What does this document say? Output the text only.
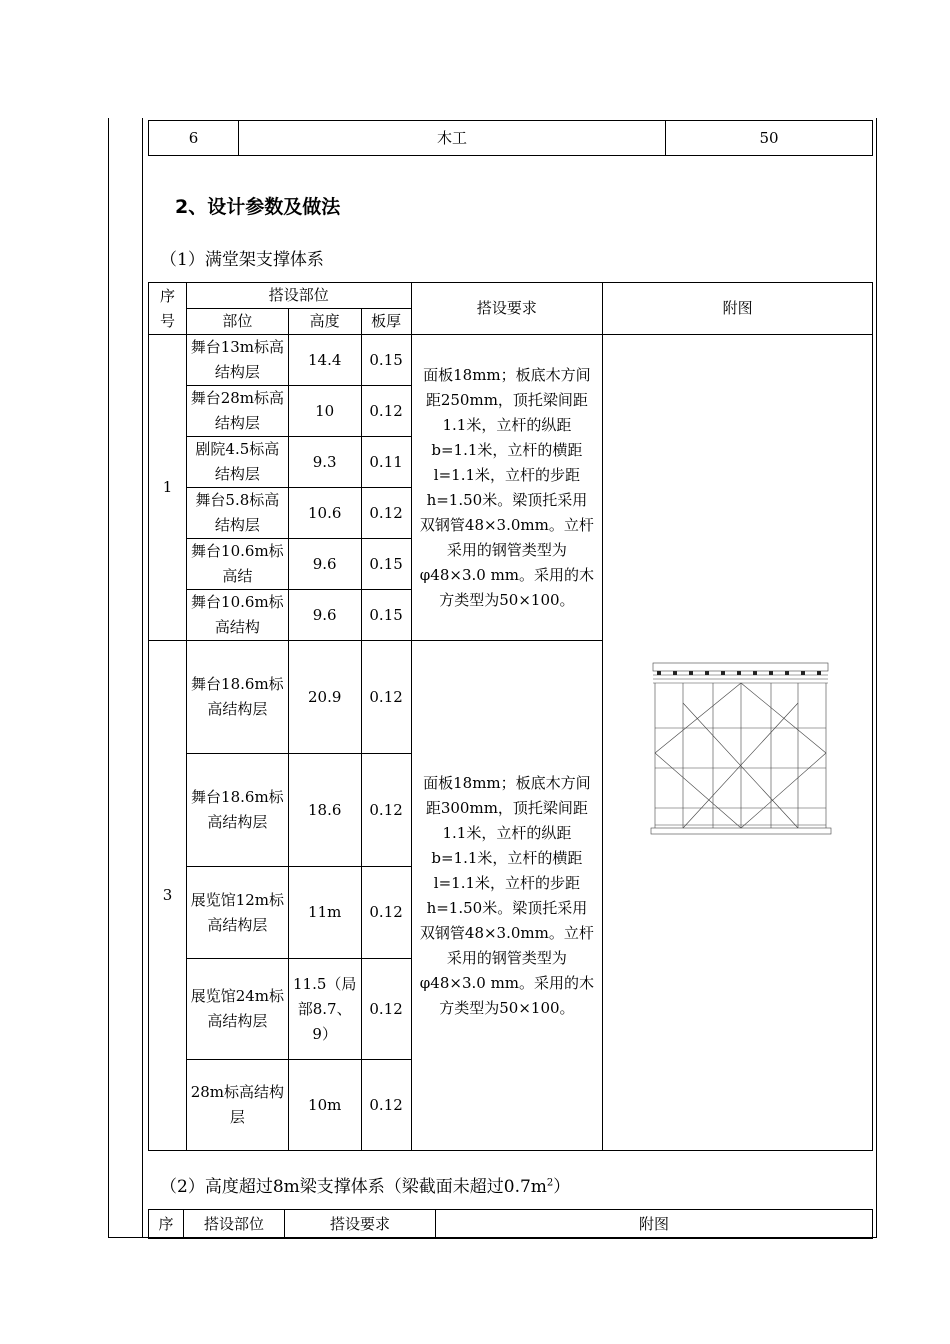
6	木工	50
2、设计参数及做法
（1）满堂架支撑体系
序号	搭设部位			搭设要求	附图
	部位	高度	板厚		
1	舞台13m标高结构层	14.4	0.15	面板18mm；板底木方间距250mm，顶托梁间距1.1米，立杆的纵距b=1.1米，立杆的横距l=1.1米，立杆的步距h=1.50米。梁顶托采用双钢管48×3.0mm。立杆采用的钢管类型为φ48×3.0 mm。采用的木方类型为50×100。	

	舞台28m标高结构层	10	0.12		
	剧院4.5标高结构层	9.3	0.11		
	舞台5.8标高结构层	10.6	0.12		
	舞台10.6m标高结	9.6	0.15		
	舞台10.6m标高结构	9.6	0.15		
3	舞台18.6m标高结构层	20.9	0.12	面板18mm；板底木方间距300mm，顶托梁间距1.1米，立杆的纵距b=1.1米，立杆的横距l=1.1米，立杆的步距h=1.50米。梁顶托采用双钢管48×3.0mm。立杆采用的钢管类型为φ48×3.0 mm。采用的木方类型为50×100。	
	舞台18.6m标高结构层	18.6	0.12		
	展览馆12m标高结构层	11m	0.12		
	展览馆24m标高结构层	11.5（局部8.7、9）	0.12		
	28m标高结构层	10m	0.12		
（2）高度超过8m梁支撑体系（梁截面未超过$0.7m^2$）
序	搭设部位	搭设要求	附图
